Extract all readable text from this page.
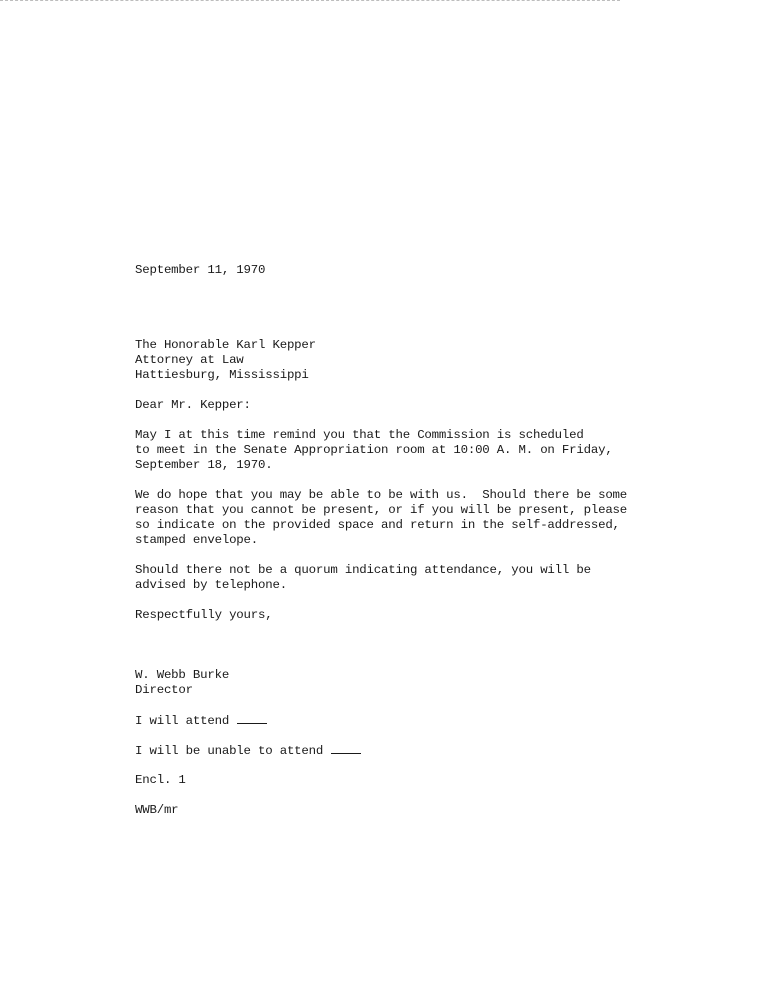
September 11, 1970

The Honorable Karl Kepper

Attorney at Law

Hattiesburg, Mississippi

Dear Mr. Kepper:

May I at this time remind you that the Commission is scheduled

to meet in the Senate Appropriation room at 10:00 A. M. on Friday,

September 18, 1970.

We do hope that you may be able to be with us.  Should there be some

reason that you cannot be present, or if you will be present, please

so indicate on the provided space and return in the self-addressed,

stamped envelope.

Should there not be a quorum indicating attendance, you will be

advised by telephone.

Respectfully yours,

W. Webb Burke

Director

I will attend
I will be unable to attend

Encl. 1

WWB/mr
